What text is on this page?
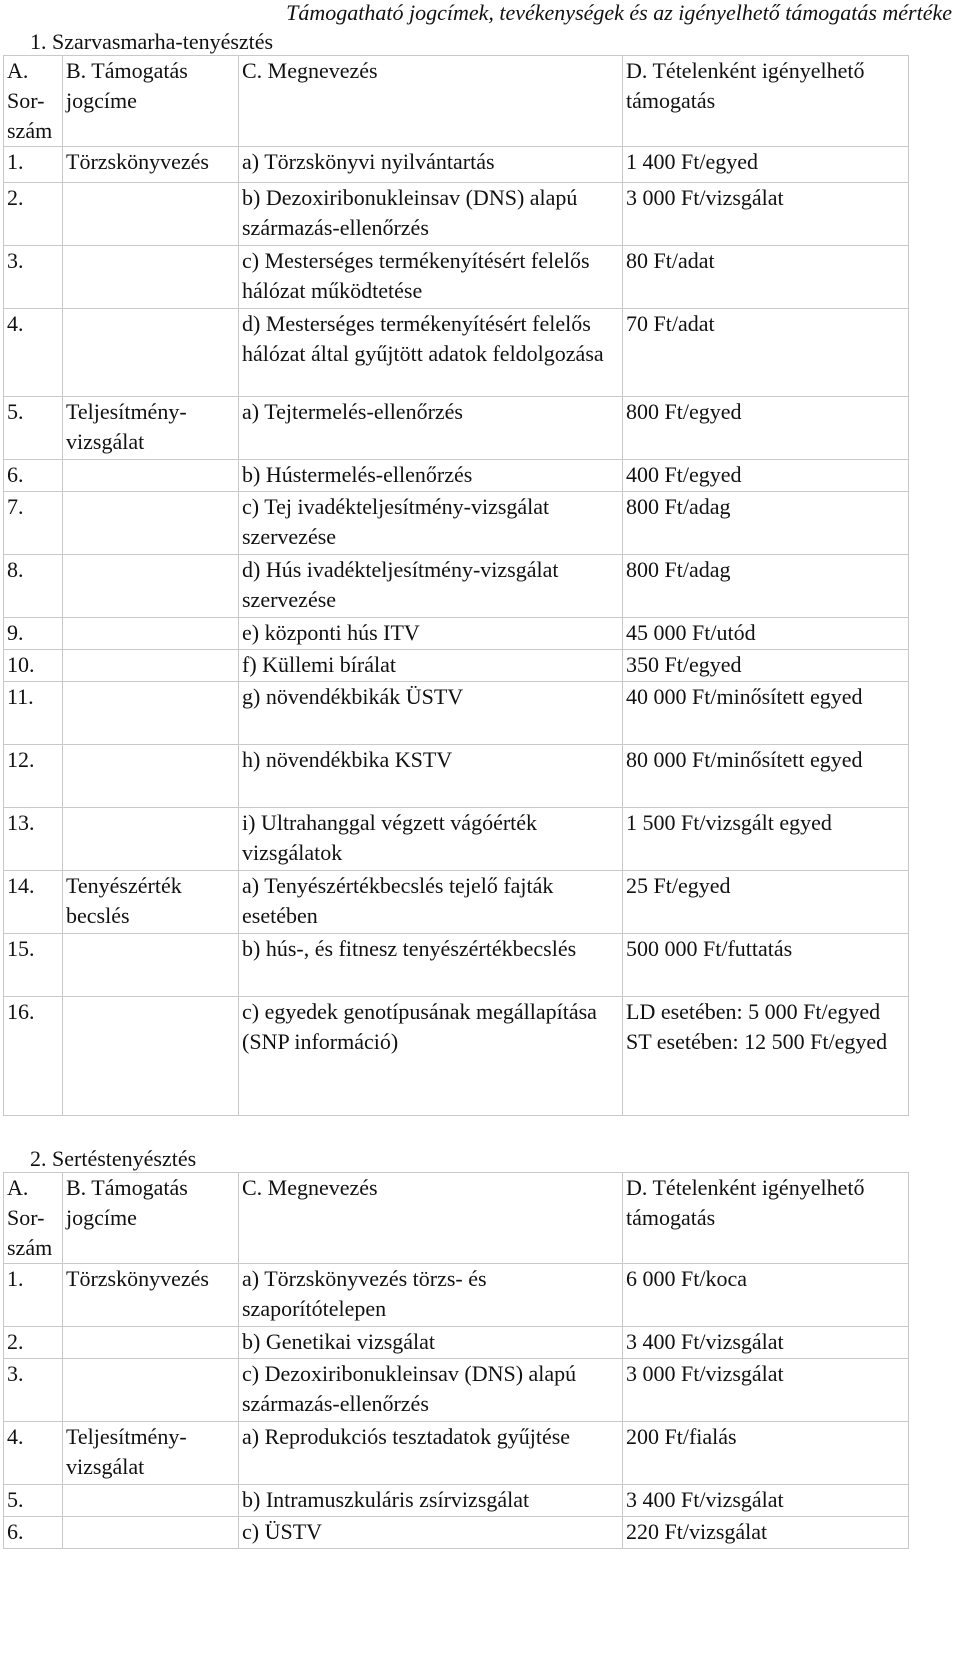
Támogatható jogcímek, tevékenységek és az igényelhető támogatás mértéke
1. Szarvasmarha-tenyésztés
A. Sor-szám	B. Támogatás jogcíme	C. Megnevezés	D. Tételenként igényelhető támogatás
1.	Törzskönyvezés	a) Törzskönyvi nyilvántartás	1 400 Ft/egyed
2.		b) Dezoxiribonukleinsav (DNS) alapú származás-ellenőrzés	3 000 Ft/vizsgálat
3.		c) Mesterséges termékenyítésért felelős hálózat működtetése	80 Ft/adat
4.		d) Mesterséges termékenyítésért felelős hálózat által gyűjtött adatok feldolgozása	70 Ft/adat
5.	Teljesítmény-vizsgálat	a) Tejtermelés-ellenőrzés	800 Ft/egyed
6.		b) Hústermelés-ellenőrzés	400 Ft/egyed
7.		c) Tej ivadékteljesítmény-vizsgálat szervezése	800 Ft/adag
8.		d) Hús ivadékteljesítmény-vizsgálat szervezése	800 Ft/adag
9.		e) központi hús ITV	45 000 Ft/utód
10.		f) Küllemi bírálat	350 Ft/egyed
11.		g) növendékbikák ÜSTV	40 000 Ft/minősített egyed
12.		h) növendékbika KSTV	80 000 Ft/minősített egyed
13.		i) Ultrahanggal végzett vágóérték vizsgálatok	1 500 Ft/vizsgált egyed
14.	Tenyészérték becslés	a) Tenyészértékbecslés tejelő fajták esetében	25 Ft/egyed
15.		b) hús-, és fitnesz tenyészértékbecslés	500 000 Ft/futtatás
16.		c) egyedek genotípusának megállapítása (SNP információ)	LD esetében: 5 000 Ft/egyed ST esetében: 12 500 Ft/egyed
2. Sertéstenyésztés
A. Sor-szám	B. Támogatás jogcíme	C. Megnevezés	D. Tételenként igényelhető támogatás
1.	Törzskönyvezés	a) Törzskönyvezés törzs- és szaporítótelepen	6 000 Ft/koca
2.		b) Genetikai vizsgálat	3 400 Ft/vizsgálat
3.		c) Dezoxiribonukleinsav (DNS) alapú származás-ellenőrzés	3 000 Ft/vizsgálat
4.	Teljesítmény-vizsgálat	a) Reprodukciós tesztadatok gyűjtése	200 Ft/fialás
5.		b) Intramuszkuláris zsírvizsgálat	3 400 Ft/vizsgálat
6.		c) ÜSTV	220 Ft/vizsgálat
